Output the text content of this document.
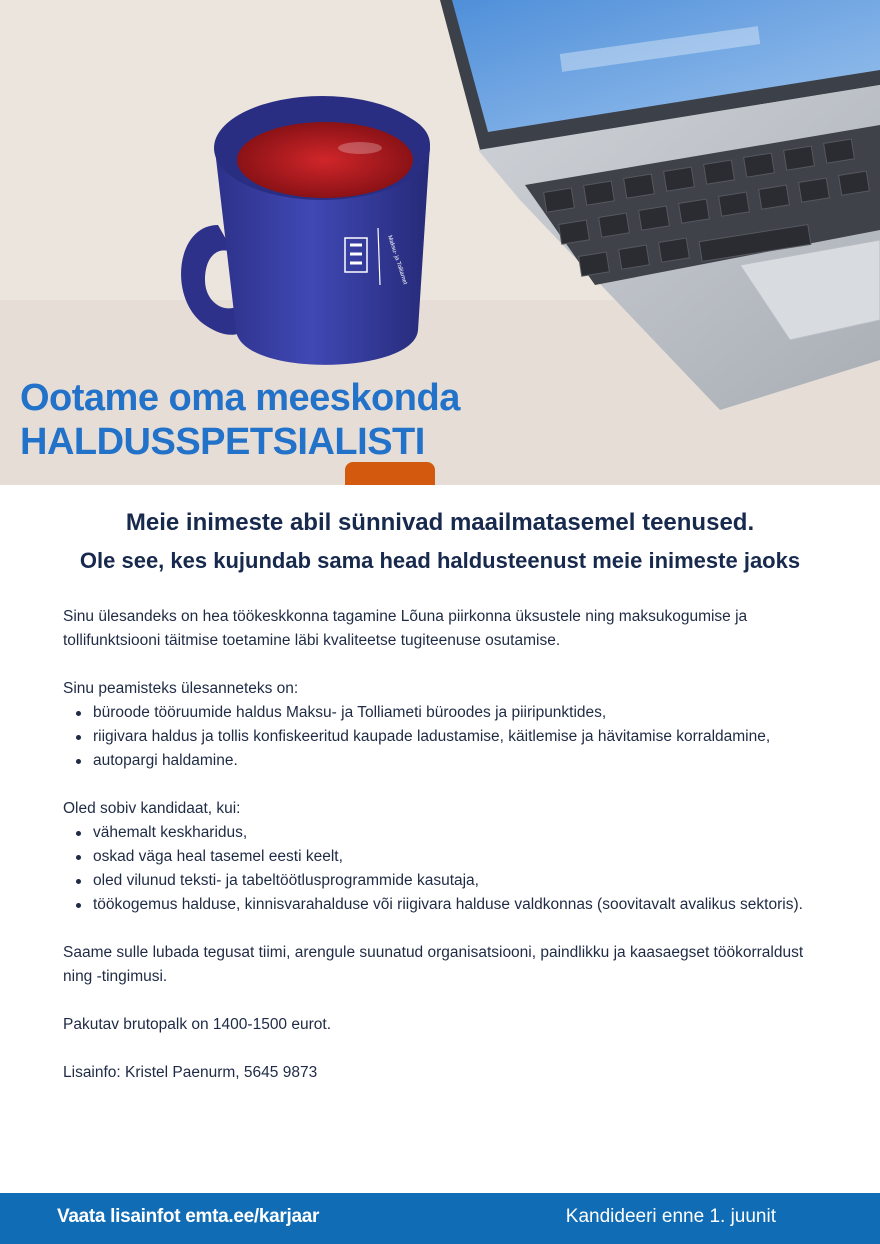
Maksu- ja Tolliamet
Ootame oma meeskonda
HALDUSSPETSIALISTI
Meie inimeste abil sünnivad maailmatasemel teenused.
Ole see, kes kujundab sama head haldusteenust meie inimeste jaoks

Sinu ülesandeks on hea töökeskkonna tagamine Lõuna piirkonna üksustele ning maksukogumise ja tollifunktsiooni täitmise toetamine läbi kvaliteetse tugiteenuse osutamise.

Sinu peamisteks ülesanneteks on:

büroode tööruumide haldus Maksu- ja Tolliameti büroodes ja piiripunktides,
riigivara haldus ja tollis konfiskeeritud kaupade ladustamise, käitlemise ja hävitamise korraldamine,
autopargi haldamine.

Oled sobiv kandidaat, kui:

vähemalt keskharidus,
oskad väga heal tasemel eesti keelt,
oled vilunud teksti- ja tabeltöötlusprogrammide kasutaja,
töökogemus halduse, kinnisvarahalduse või riigivara halduse valdkonnas (soovitavalt avalikus sektoris).

Saame sulle lubada tegusat tiimi, arengule suunatud organisatsiooni, paindlikku ja kaasaegset töökorraldust ning -tingimusi.

Pakutav brutopalk on 1400-1500 eurot.

Lisainfo: Kristel Paenurm, 5645 9873

Vaata lisainfot emta.ee/karjaar	Kandideeri enne 1. juunit
